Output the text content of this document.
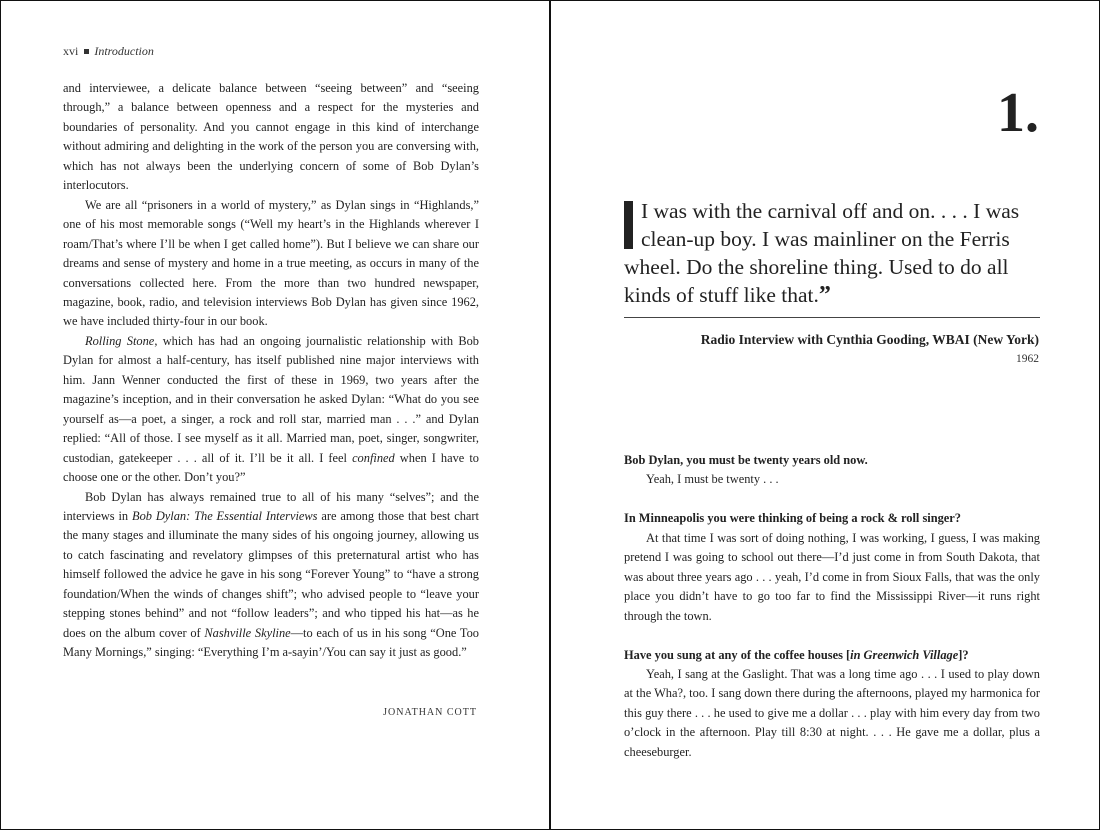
xvi Introduction

and interviewee, a delicate balance between “seeing between” and “seeing through,” a balance between openness and a respect for the mysteries and boundaries of personality. And you cannot engage in this kind of interchange without admiring and delighting in the work of the person you are conversing with, which has not always been the underlying concern of some of Bob Dylan’s interlocutors.

We are all “prisoners in a world of mystery,” as Dylan sings in “Highlands,” one of his most memorable songs (“Well my heart’s in the Highlands wherever I roam/That’s where I’ll be when I get called home”). But I believe we can share our dreams and sense of mystery and home in a true meeting, as occurs in many of the conversations collected here. From the more than two hundred newspaper, magazine, book, radio, and television interviews Bob Dylan has given since 1962, we have included thirty-four in our book.

Rolling Stone, which has had an ongoing journalistic relationship with Bob Dylan for almost a half-century, has itself published nine major interviews with him. Jann Wenner conducted the first of these in 1969, two years after the magazine’s inception, and in their conversation he asked Dylan: “What do you see yourself as—a poet, a singer, a rock and roll star, married man . . .” and Dylan replied: “All of those. I see myself as it all. Married man, poet, singer, songwriter, custodian, gatekeeper . . . all of it. I’ll be it all. I feel confined when I have to choose one or the other. Don’t you?”

Bob Dylan has always remained true to all of his many “selves”; and the interviews in Bob Dylan: The Essential Interviews are among those that best chart the many stages and illuminate the many sides of his ongoing journey, allowing us to catch fascinating and revelatory glimpses of this preternatural artist who has himself followed the advice he gave in his song “Forever Young” to “have a strong foundation/When the winds of changes shift”; who advised people to “leave your stepping stones behind” and not “follow leaders”; and who tipped his hat—as he does on the album cover of Nashville Skyline—to each of us in his song “One Too Many Mornings,” singing: “Everything I’m a-sayin’/You can say it just as good.”

JONATHAN COTT
1.
I was with the carnival off and on. . . . I was clean-up boy. I was mainliner on the Ferris wheel. Do the shoreline thing. Used to do all kinds of stuff like that.”
Radio Interview with Cynthia Gooding, WBAI (New York)
1962

Bob Dylan, you must be twenty years old now.

Yeah, I must be twenty . . .

In Minneapolis you were thinking of being a rock & roll singer?

At that time I was sort of doing nothing, I was working, I guess, I was making pretend I was going to school out there—I’d just come in from South Dakota, that was about three years ago . . . yeah, I’d come in from Sioux Falls, that was the only place you didn’t have to go too far to find the Mississippi River—it runs right through the town.

Have you sung at any of the coffee houses [in Greenwich Village]?

Yeah, I sang at the Gaslight. That was a long time ago . . . I used to play down at the Wha?, too. I sang down there during the afternoons, played my harmonica for this guy there . . . he used to give me a dollar . . . play with him every day from two o’clock in the afternoon. Play till 8:30 at night. . . . He gave me a dollar, plus a cheeseburger.
